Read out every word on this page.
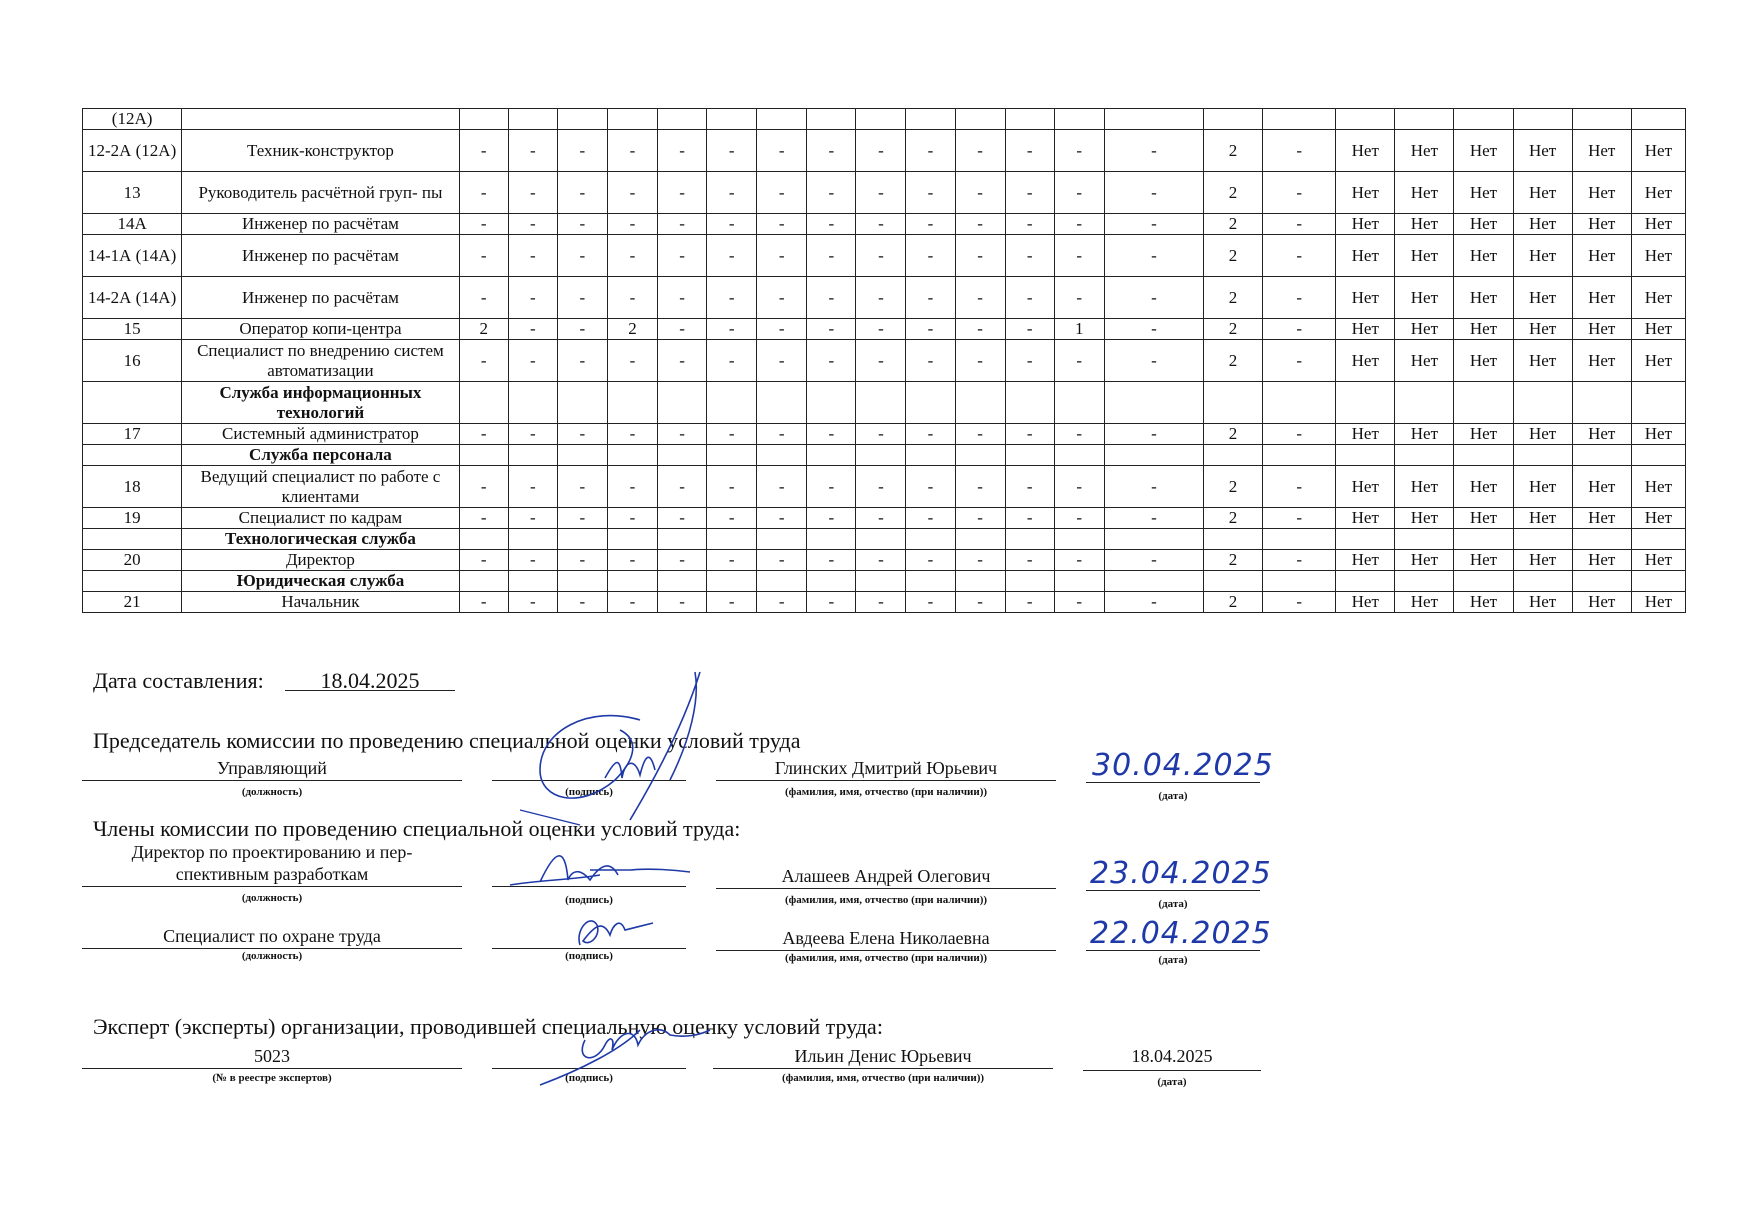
(12A)																							
12-2А (12А)	Техник-конструктор	-	-	-	-	-	-	-	-	-	-	-	-	-	-	2	-	Нет	Нет	Нет	Нет	Нет	Нет
13	Руководитель расчётной груп- пы	-	-	-	-	-	-	-	-	-	-	-	-	-	-	2	-	Нет	Нет	Нет	Нет	Нет	Нет
14А	Инженер по расчётам	-	-	-	-	-	-	-	-	-	-	-	-	-	-	2	-	Нет	Нет	Нет	Нет	Нет	Нет
14-1А (14А)	Инженер по расчётам	-	-	-	-	-	-	-	-	-	-	-	-	-	-	2	-	Нет	Нет	Нет	Нет	Нет	Нет
14-2А (14А)	Инженер по расчётам	-	-	-	-	-	-	-	-	-	-	-	-	-	-	2	-	Нет	Нет	Нет	Нет	Нет	Нет
15	Оператор копи-центра	2	-	-	2	-	-	-	-	-	-	-	-	1	-	2	-	Нет	Нет	Нет	Нет	Нет	Нет
16	Специалист по внедрению систем автоматизации	-	-	-	-	-	-	-	-	-	-	-	-	-	-	2	-	Нет	Нет	Нет	Нет	Нет	Нет
	Служба информационных технологий																						
17	Системный администратор	-	-	-	-	-	-	-	-	-	-	-	-	-	-	2	-	Нет	Нет	Нет	Нет	Нет	Нет
	Служба персонала																						
18	Ведущий специалист по работе с клиентами	-	-	-	-	-	-	-	-	-	-	-	-	-	-	2	-	Нет	Нет	Нет	Нет	Нет	Нет
19	Специалист по кадрам	-	-	-	-	-	-	-	-	-	-	-	-	-	-	2	-	Нет	Нет	Нет	Нет	Нет	Нет
	Технологическая служба																						
20	Директор	-	-	-	-	-	-	-	-	-	-	-	-	-	-	2	-	Нет	Нет	Нет	Нет	Нет	Нет
	Юридическая служба																						
21	Начальник	-	-	-	-	-	-	-	-	-	-	-	-	-	-	2	-	Нет	Нет	Нет	Нет	Нет	Нет
Дата составления:	18.04.2025
Председатель комиссии по проведению специальной оценки условий труда
Управляющий
(должность)	(подпись)
Глинских Дмитрий Юрьевич
(фамилия, имя, отчество (при наличии))
30.04.2025
(дата)
Члены комиссии по проведению специальной оценки условий труда:
Директор по проектированию и пер-
спективным разработкам
(должность)	(подпись)
Алашеев Андрей Олегович
(фамилия, имя, отчество (при наличии))
23.04.2025
(дата)
Специалист по охране труда
(должность)	(подпись)
Авдеева Елена Николаевна
(фамилия, имя, отчество (при наличии))
22.04.2025
(дата)
Эксперт (эксперты) организации, проводившей специальную оценку условий труда:
5023
(№ в реестре экспертов)	(подпись)
Ильин Денис Юрьевич
(фамилия, имя, отчество (при наличии))
18.04.2025
(дата)
